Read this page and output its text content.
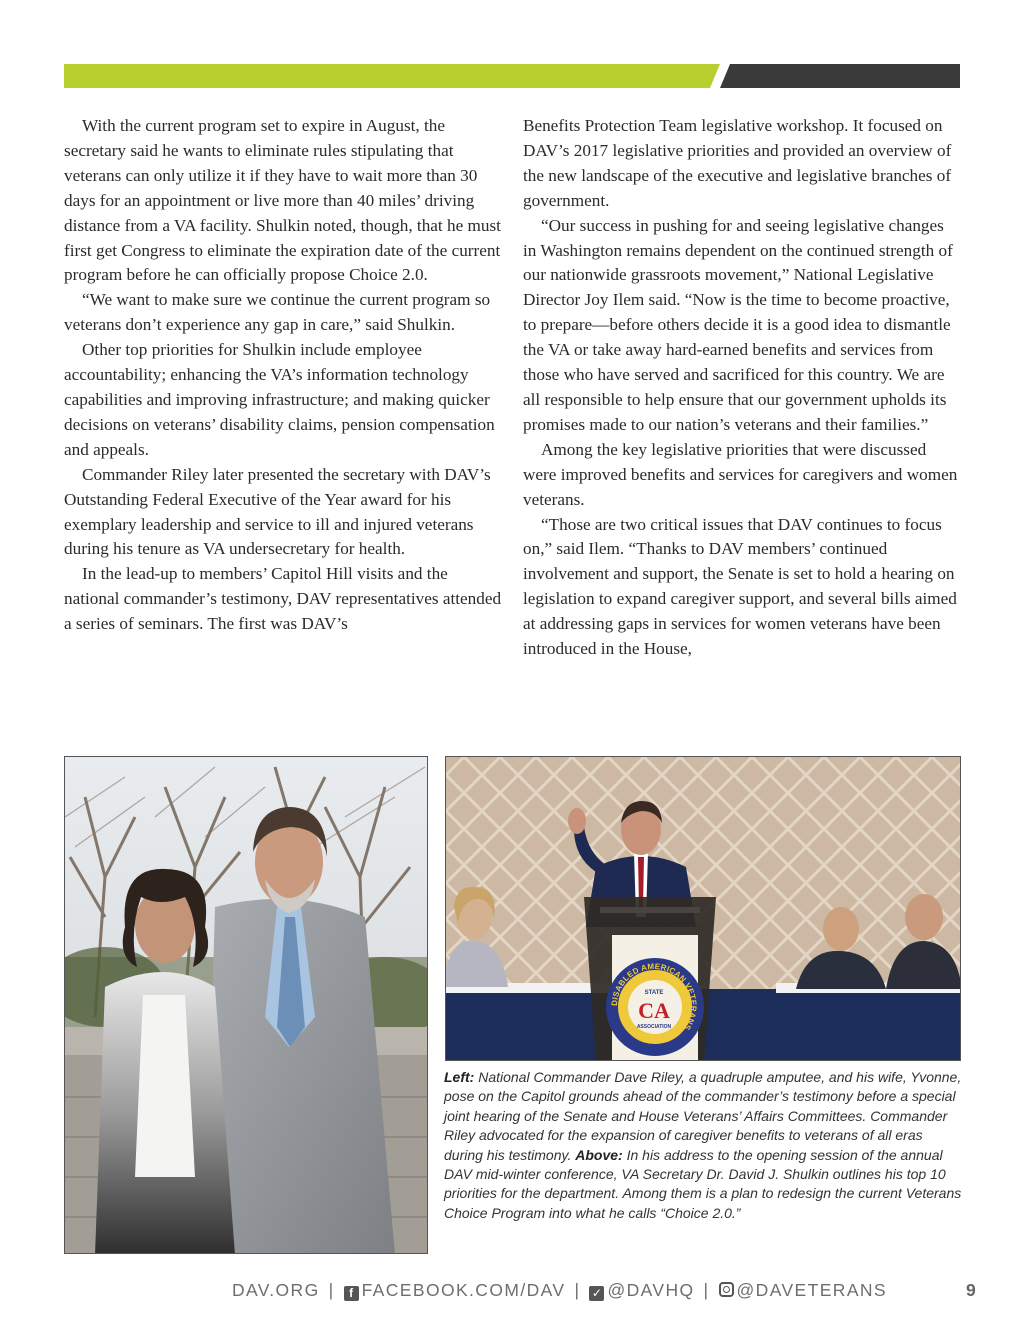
With the current program set to expire in August, the secretary said he wants to eliminate rules stipulating that veterans can only utilize it if they have to wait more than 30 days for an appointment or live more than 40 miles’ driving distance from a VA facility. Shulkin noted, though, that he must first get Congress to eliminate the expiration date of the current program before he can officially propose Choice 2.0.

“We want to make sure we continue the current program so veterans don’t experience any gap in care,” said Shulkin.

Other top priorities for Shulkin include employee accountability; enhancing the VA’s information technology capabilities and improving infrastructure; and making quicker decisions on veterans’ disability claims, pension compensation and appeals.

Commander Riley later presented the secretary with DAV’s Outstanding Federal Executive of the Year award for his exemplary leadership and service to ill and injured veterans during his tenure as VA undersecretary for health.

In the lead-up to members’ Capitol Hill visits and the national commander’s testimony, DAV representatives attended a series of seminars. The first was DAV’s

Benefits Protection Team legislative workshop. It focused on DAV’s 2017 legislative priorities and provided an overview of the new landscape of the executive and legislative branches of government.

“Our success in pushing for and seeing legislative changes in Washington remains dependent on the continued strength of our nationwide grassroots movement,” National Legislative Director Joy Ilem said. “Now is the time to become proactive, to prepare—before others decide it is a good idea to dismantle the VA or take away hard-earned benefits and services from those who have served and sacrificed for this country. We are all responsible to help ensure that our government upholds its promises made to our nation’s veterans and their families.”

Among the key legislative priorities that were discussed were improved benefits and services for caregivers and women veterans.

“Those are two critical issues that DAV continues to focus on,” said Ilem. “Thanks to DAV members’ continued involvement and support, the Senate is set to hold a hearing on legislation to expand caregiver support, and several bills aimed at addressing gaps in services for women veterans have been introduced in the House,

DISABLED AMERICAN VETERANS
STATE
CA
ASSOCIATION
Left: National Commander Dave Riley, a quadruple amputee, and his wife, Yvonne, pose on the Capitol grounds ahead of the commander’s testimony before a special joint hearing of the Senate and House Veterans’ Affairs Committees. Commander Riley advocated for the expansion of caregiver benefits to veterans of all eras during his testimony. Above: In his address to the opening session of the annual DAV mid-winter conference, VA Secretary Dr. David J. Shulkin outlines his top 10 priorities for the department. Among them is a plan to redesign the current Veterans Choice Program into what he calls “Choice 2.0.”
DAV.ORG | f FACEBOOK.COM/DAV | ✓ @DAVHQ | @DAVETERANS	9
